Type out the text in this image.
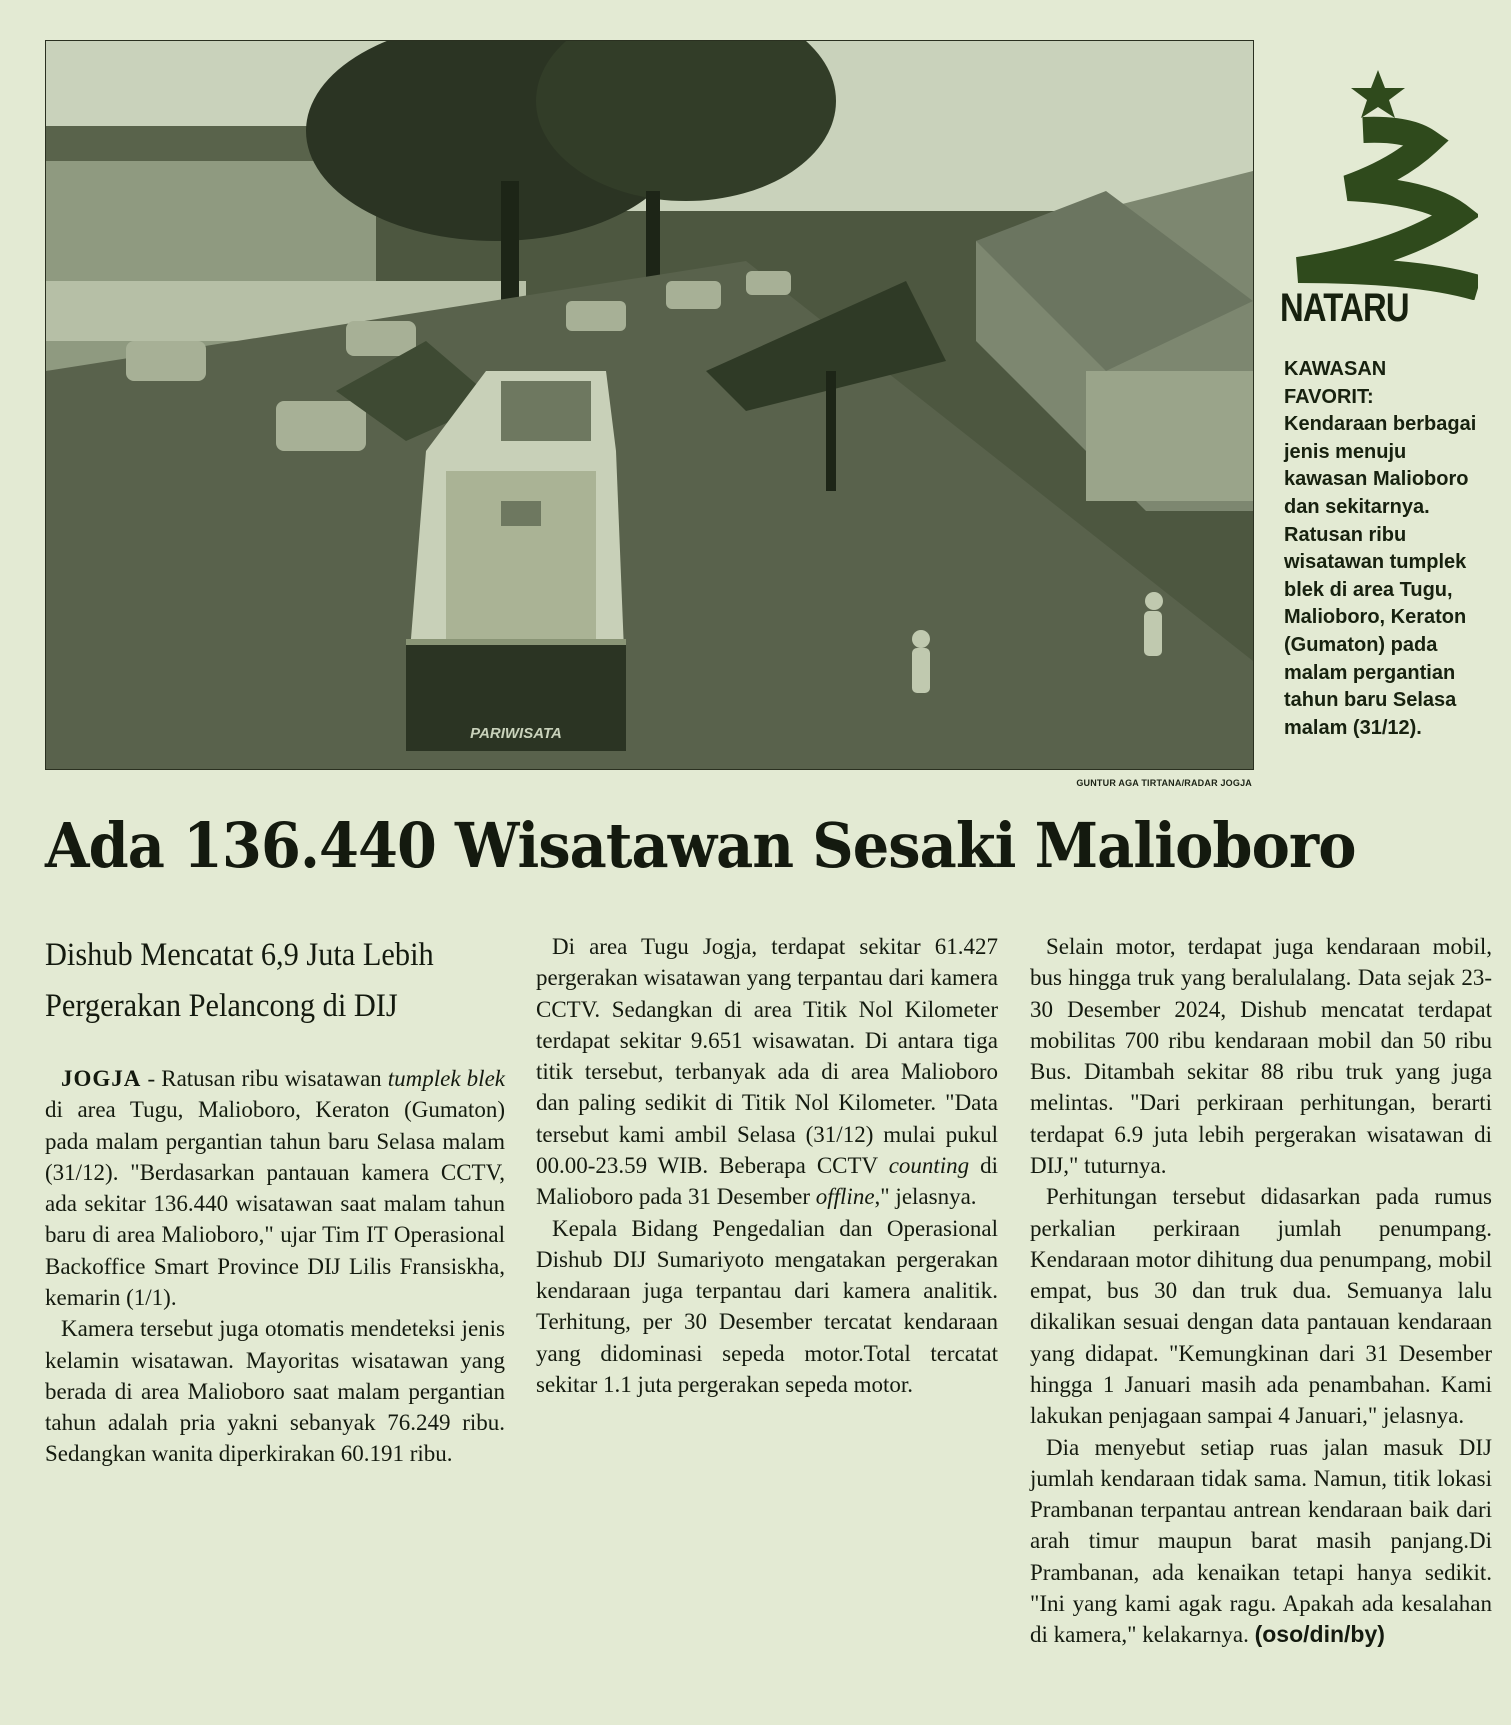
PARIWISATA
GUNTUR AGA TIRTANA/RADAR JOGJA
NATARU
KAWASAN
FAVORIT:
Kendaraan berbagai jenis menuju kawasan Malioboro dan sekitarnya. Ratusan ribu wisatawan tumplek blek di area Tugu, Malioboro, Keraton (Gumaton) pada malam pergantian tahun baru Selasa malam (31/12).
Ada 136.440 Wisatawan Sesaki Malioboro
Dishub Mencatat 6,9 Juta Lebih Pergerakan Pelancong di DIJ

JOGJA - Ratusan ribu wisatawan tumplek blek di area Tugu, Malioboro, Keraton (Gumaton) pada malam pergantian tahun baru Selasa malam (31/12). "Berdasarkan pantauan kamera CCTV, ada sekitar 136.440 wisatawan saat malam tahun baru di area Malioboro," ujar Tim IT Operasional Backoffice Smart Province DIJ Lilis Fransiskha, kemarin (1/1).

Kamera tersebut juga otomatis mendeteksi jenis kelamin wisatawan. Mayoritas wisatawan yang berada di area Malioboro saat malam pergantian tahun adalah pria yakni sebanyak 76.249 ribu. Sedangkan wanita diperkirakan 60.191 ribu.

Di area Tugu Jogja, terdapat sekitar 61.427 pergerakan wisatawan yang terpantau dari kamera CCTV. Sedangkan di area Titik Nol Kilometer terdapat sekitar 9.651 wisawatan. Di antara tiga titik tersebut, terbanyak ada di area Malioboro dan paling sedikit di Titik Nol Kilometer. "Data tersebut kami ambil Selasa (31/12) mulai pukul 00.00-23.59 WIB. Beberapa CCTV counting di Malioboro pada 31 Desember offline," jelasnya.

Kepala Bidang Pengedalian dan Operasional Dishub DIJ Sumariyoto mengatakan pergerakan kendaraan juga terpantau dari kamera analitik. Terhitung, per 30 Desember tercatat kendaraan yang didominasi sepeda motor.Total tercatat sekitar 1.1 juta pergerakan sepeda motor.

Selain motor, terdapat juga kendaraan mobil, bus hingga truk yang beralulalang. Data sejak 23-30 Desember 2024, Dishub mencatat terdapat mobilitas 700 ribu kendaraan mobil dan 50 ribu Bus. Ditambah sekitar 88 ribu truk yang juga melintas. "Dari perkiraan perhitungan, berarti terdapat 6.9 juta lebih pergerakan wisatawan di DIJ," tuturnya.

Perhitungan tersebut didasarkan pada rumus perkalian perkiraan jumlah penumpang. Kendaraan motor dihitung dua penumpang, mobil empat, bus 30 dan truk dua. Semuanya lalu dikalikan sesuai dengan data pantauan kendaraan yang didapat. "Kemungkinan dari 31 Desember hingga 1 Januari masih ada penambahan. Kami lakukan penjagaan sampai 4 Januari," jelasnya.

Dia menyebut setiap ruas jalan masuk DIJ jumlah kendaraan tidak sama. Namun, titik lokasi Prambanan terpantau antrean kendaraan baik dari arah timur maupun barat masih panjang.Di Prambanan, ada kenaikan tetapi hanya sedikit. "Ini yang kami agak ragu. Apakah ada kesalahan di kamera," kelakarnya. (oso/din/by)
